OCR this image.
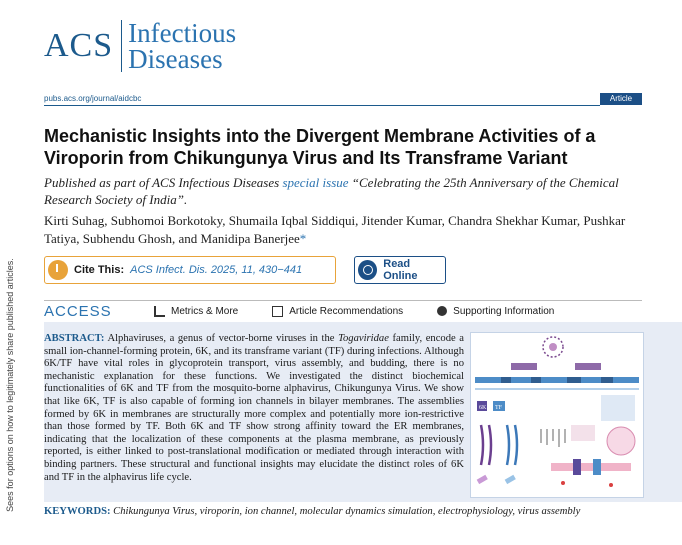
Sees for options on how to legitimately share published articles.
ACS Infectious
Diseases
pubs.acs.org/journal/aidcbc	Article
Mechanistic Insights into the Divergent Membrane Activities of a Viroporin from Chikungunya Virus and Its Transframe Variant
Published as part of ACS Infectious Diseases special issue “Celebrating the 25th Anniversary of the Chemical Research Society of India”.
Kirti Suhag, Subhomoi Borkotoky, Shumaila Iqbal Siddiqui, Jitender Kumar, Chandra Shekhar Kumar, Pushkar Tatiya, Subhendu Ghosh, and Manidipa Banerjee*
Cite This: ACS Infect. Dis. 2025, 11, 430−441	Read Online
ACCESS	Metrics & More	Article Recommendations	Supporting Information

ABSTRACT: Alphaviruses, a genus of vector-borne viruses in the Togaviridae family, encode a small ion-channel-forming protein, 6K, and its transframe variant (TF) during infections. Although 6K/TF have vital roles in glycoprotein transport, virus assembly, and budding, there is no mechanistic explanation for these functions. We investigated the distinct biochemical functionalities of 6K and TF from the mosquito-borne alphavirus, Chikungunya Virus. We show that like 6K, TF is also capable of forming ion channels in bilayer membranes. The assemblies formed by 6K in membranes are structurally more complex and potentially more ion-restrictive than those formed by TF. Both 6K and TF show strong affinity toward the ER membranes, indicating that the localization of these components at the plasma membrane, as previously reported, is either linked to post-translational modification or mediated through interaction with binding partners. These structural and functional insights may elucidate the distinct roles of 6K and TF in the alphavirus life cycle.

6K TF
KEYWORDS: Chikungunya Virus, viroporin, ion channel, molecular dynamics simulation, electrophysiology, virus assembly
